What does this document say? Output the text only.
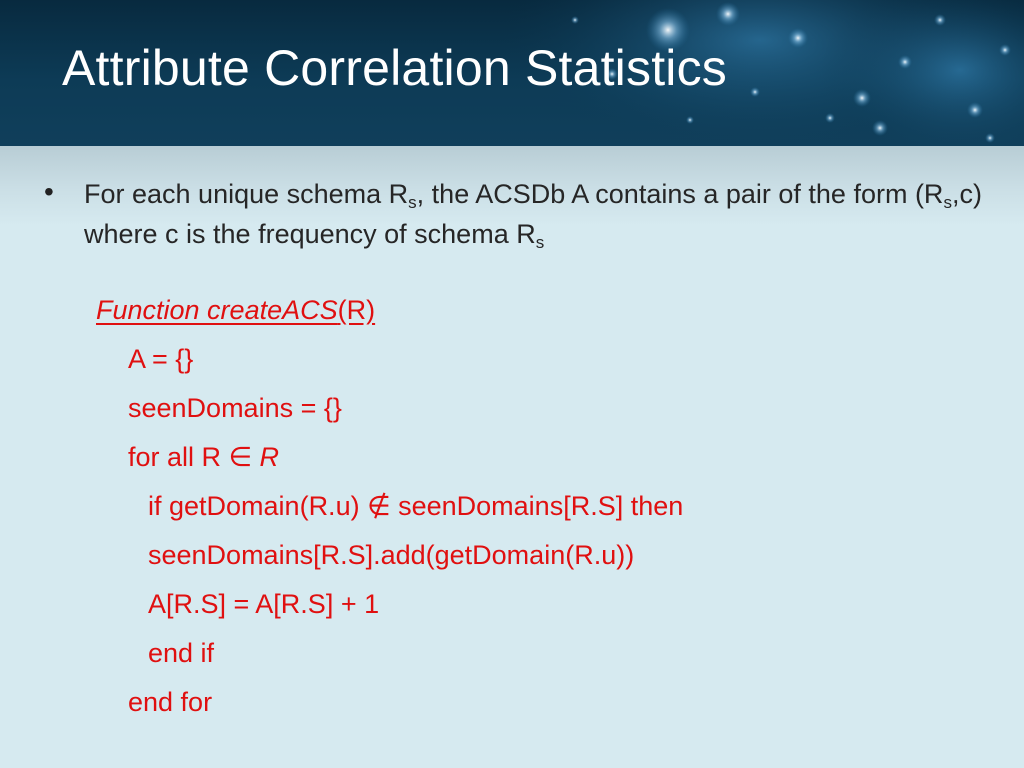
Attribute Correlation Statistics
• For each unique schema $R_s$, the ACSDb A contains a pair of the form $(R_s,c)$ where c is the frequency of schema $R_s$
Function createACS(R)
A = {}
seenDomains = {}
for all R ∈ R
if getDomain(R.u) ∉ seenDomains[R.S] then
seenDomains[R.S].add(getDomain(R.u))
A[R.S] = A[R.S] + 1
end if
end for
